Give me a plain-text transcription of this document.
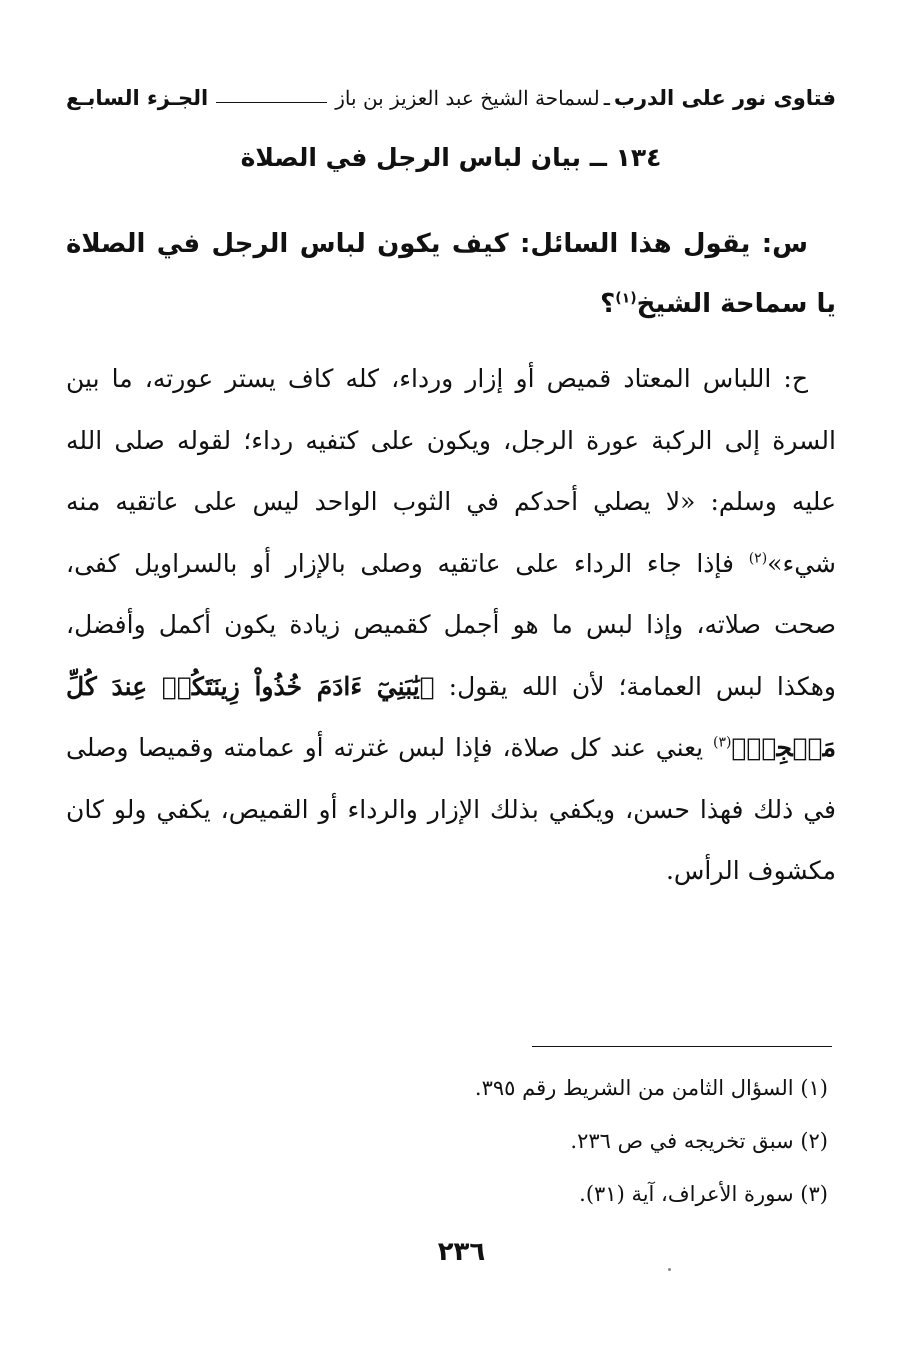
فتاوى نور على الدرب
ـ
لسماحة الشيخ عبد العزيز بن باز
الجـزء السابـع
١٣٤ ــ بيان لباس الرجل في الصلاة
س: يقول هذا السائل: كيف يكون لباس الرجل في الصلاة يا سماحة الشيخ$^{(١)}$؟
ح: اللباس المعتاد قميص أو إزار ورداء، كله كاف يستر عورته، ما بين السرة إلى الركبة عورة الرجل، ويكون على كتفيه رداء؛ لقوله صلى الله عليه وسلم: «لا يصلي أحدكم في الثوب الواحد ليس على عاتقيه منه شيء»$^{(٢)}$ فإذا جاء الرداء على عاتقيه وصلى بالإزار أو بالسراويل كفى، صحت صلاته، وإذا لبس ما هو أجمل كقميص زيادة يكون أكمل وأفضل، وهكذا لبس العمامة؛ لأن الله يقول: ﴿يَٰبَنِيٓ ءَادَمَ خُذُواْ زِينَتَكُمۡ عِندَ كُلِّ مَسۡجِدٖ﴾$^{(٣)}$ يعني عند كل صلاة، فإذا لبس غترته أو عمامته وقميصا وصلى في ذلك فهذا حسن، ويكفي بذلك الإزار والرداء أو القميص، يكفي ولو كان مكشوف الرأس.

(١) السؤال الثامن من الشريط رقم ٣٩٥.

(٢) سبق تخريجه في ص ٢٣٦.

(٣) سورة الأعراف، آية (٣١).

٢٣٦
